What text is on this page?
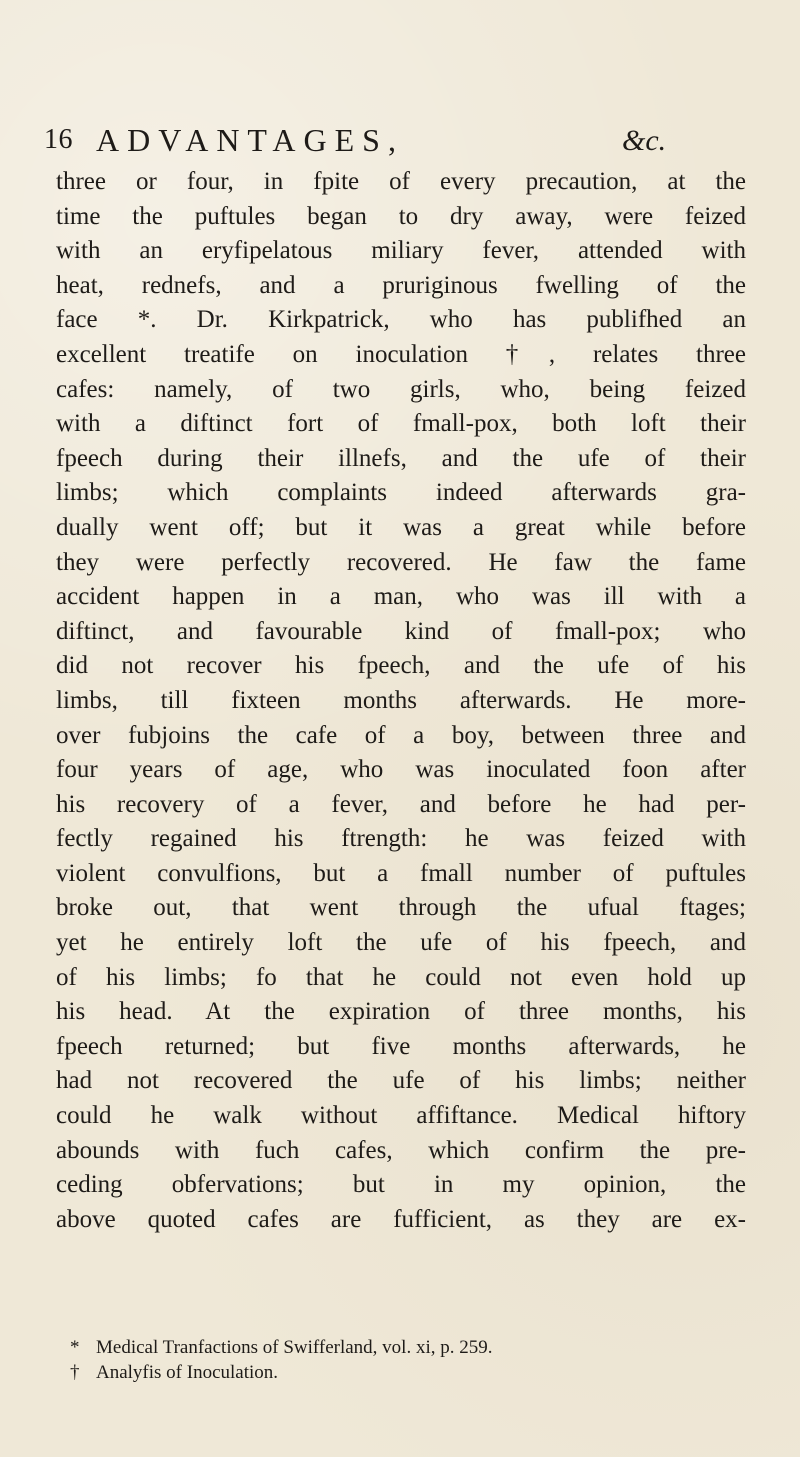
16 ADVANTAGES,	&c.
three or four, in fpite of every precaution, at the
time the puftules began to dry away, were feized
with an eryfipelatous miliary fever, attended with
heat, rednefs, and a pruriginous fwelling of the
face *. Dr. Kirkpatrick, who has publifhed an
excellent treatife on inoculation †, relates three
cafes: namely, of two girls, who, being feized
with a diftinct fort of fmall-pox, both loft their
fpeech during their illnefs, and the ufe of their
limbs; which complaints indeed afterwards gra-
dually went off; but it was a great while before
they were perfectly recovered. He faw the fame
accident happen in a man, who was ill with a
diftinct, and favourable kind of fmall-pox; who
did not recover his fpeech, and the ufe of his
limbs, till fixteen months afterwards. He more-
over fubjoins the cafe of a boy, between three and
four years of age, who was inoculated foon after
his recovery of a fever, and before he had per-
fectly regained his ftrength: he was feized with
violent convulfions, but a fmall number of puftules
broke out, that went through the ufual ftages;
yet he entirely loft the ufe of his fpeech, and
of his limbs; fo that he could not even hold up
his head. At the expiration of three months, his
fpeech returned; but five months afterwards, he
had not recovered the ufe of his limbs; neither
could he walk without affiftance. Medical hiftory
abounds with fuch cafes, which confirm the pre-
ceding obfervations; but in my opinion, the
above quoted cafes are fufficient, as they are ex-
* Medical Tranfactions of Swifferland, vol. xi, p. 259.
† Analyfis of Inoculation.
